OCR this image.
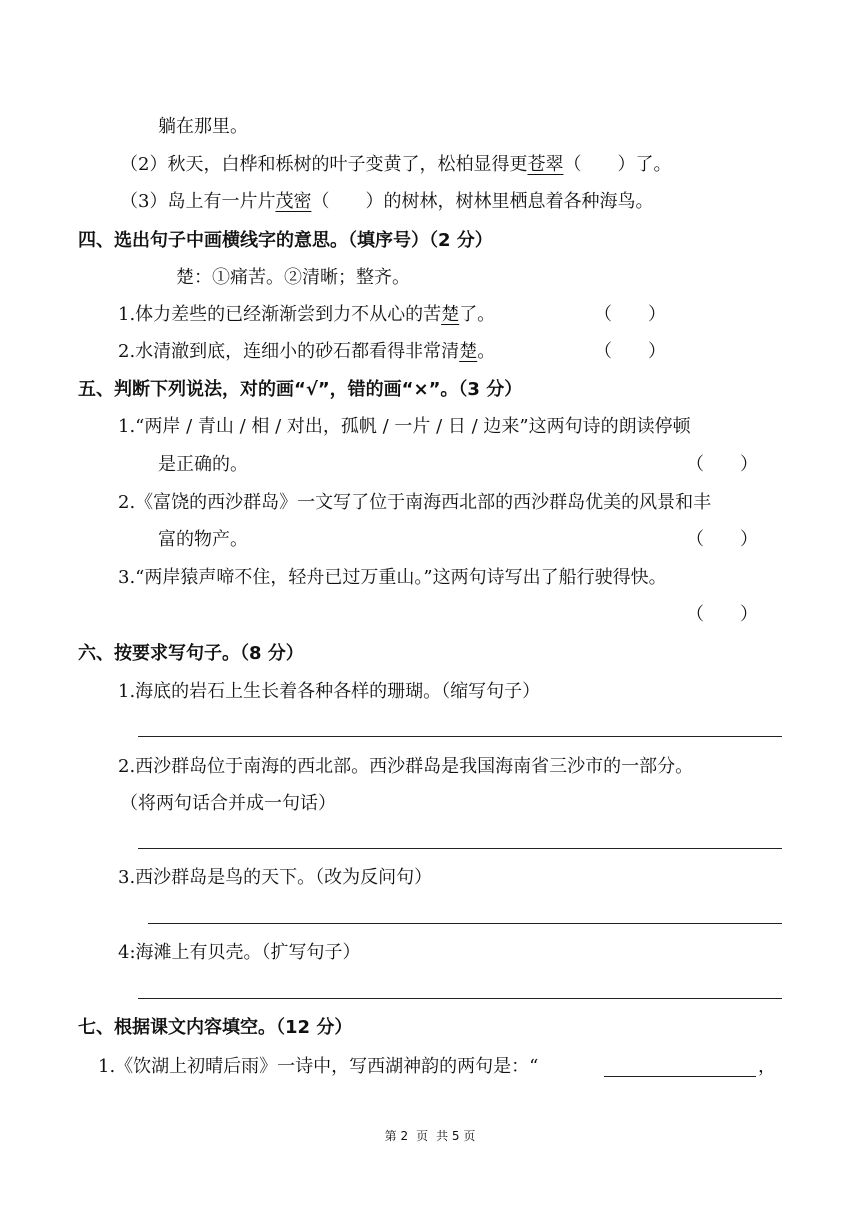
躺在那里。
（2）秋天，白桦和栎树的叶子变黄了，松柏显得更苍翠（　　）了。
（3）岛上有一片片茂密（　　）的树林，树林里栖息着各种海鸟。
四、选出句子中画横线字的意思。（填序号）（2 分）
楚：①痛苦。②清晰；整齐。
1.体力差些的已经渐渐尝到力不从心的苦楚了。	（　　）
2.水清澈到底，连细小的砂石都看得非常清楚。	（　　）
五、判断下列说法，对的画“√”，错的画“×”。（3 分）
1.“两岸 / 青山 / 相 / 对出，孤帆 / 一片 / 日 / 边来”这两句诗的朗读停顿
是正确的。	（　　）
2.《富饶的西沙群岛》一文写了位于南海西北部的西沙群岛优美的风景和丰
富的物产。	（　　）
3.“两岸猿声啼不住，轻舟已过万重山。”这两句诗写出了船行驶得快。
（　　）
六、按要求写句子。（8 分）
1.海底的岩石上生长着各种各样的珊瑚。（缩写句子）
2.西沙群岛位于南海的西北部。西沙群岛是我国海南省三沙市的一部分。
（将两句话合并成一句话）
3.西沙群岛是鸟的天下。（改为反问句）
4:海滩上有贝壳。（扩写句子）
七、根据课文内容填空。（12 分）
1.《饮湖上初晴后雨》一诗中，写西湖神韵的两句是：“	，
第 2 页 共 5 页
